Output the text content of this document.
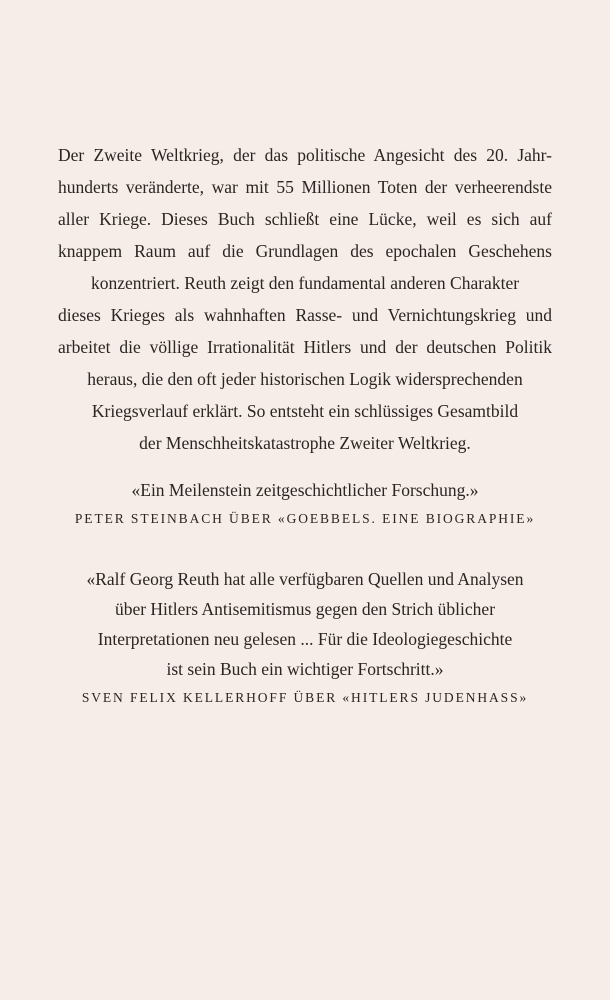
Der Zweite Weltkrieg, der das politische Angesicht des 20. Jahr-
hunderts veränderte, war mit 55 Millionen Toten der verheerendste
aller Kriege. Dieses Buch schließt eine Lücke, weil es sich auf
knappem Raum auf die Grundlagen des epochalen Geschehens
konzentriert. Reuth zeigt den fundamental anderen Charakter
dieses Krieges als wahnhaften Rasse- und Vernichtungskrieg und
arbeitet die völlige Irrationalität Hitlers und der deutschen Politik
heraus, die den oft jeder historischen Logik widersprechenden
Kriegsverlauf erklärt. So entsteht ein schlüssiges Gesamtbild
der Menschheitskatastrophe Zweiter Weltkrieg.
«Ein Meilenstein zeitgeschichtlicher Forschung.»
PETER STEINBACH ÜBER «GOEBBELS. EINE BIOGRAPHIE»
«Ralf Georg Reuth hat alle verfügbaren Quellen und Analysen
über Hitlers Antisemitismus gegen den Strich üblicher
Interpretationen neu gelesen ... Für die Ideologiegeschichte
ist sein Buch ein wichtiger Fortschritt.»
SVEN FELIX KELLERHOFF ÜBER «HITLERS JUDENHASS»
